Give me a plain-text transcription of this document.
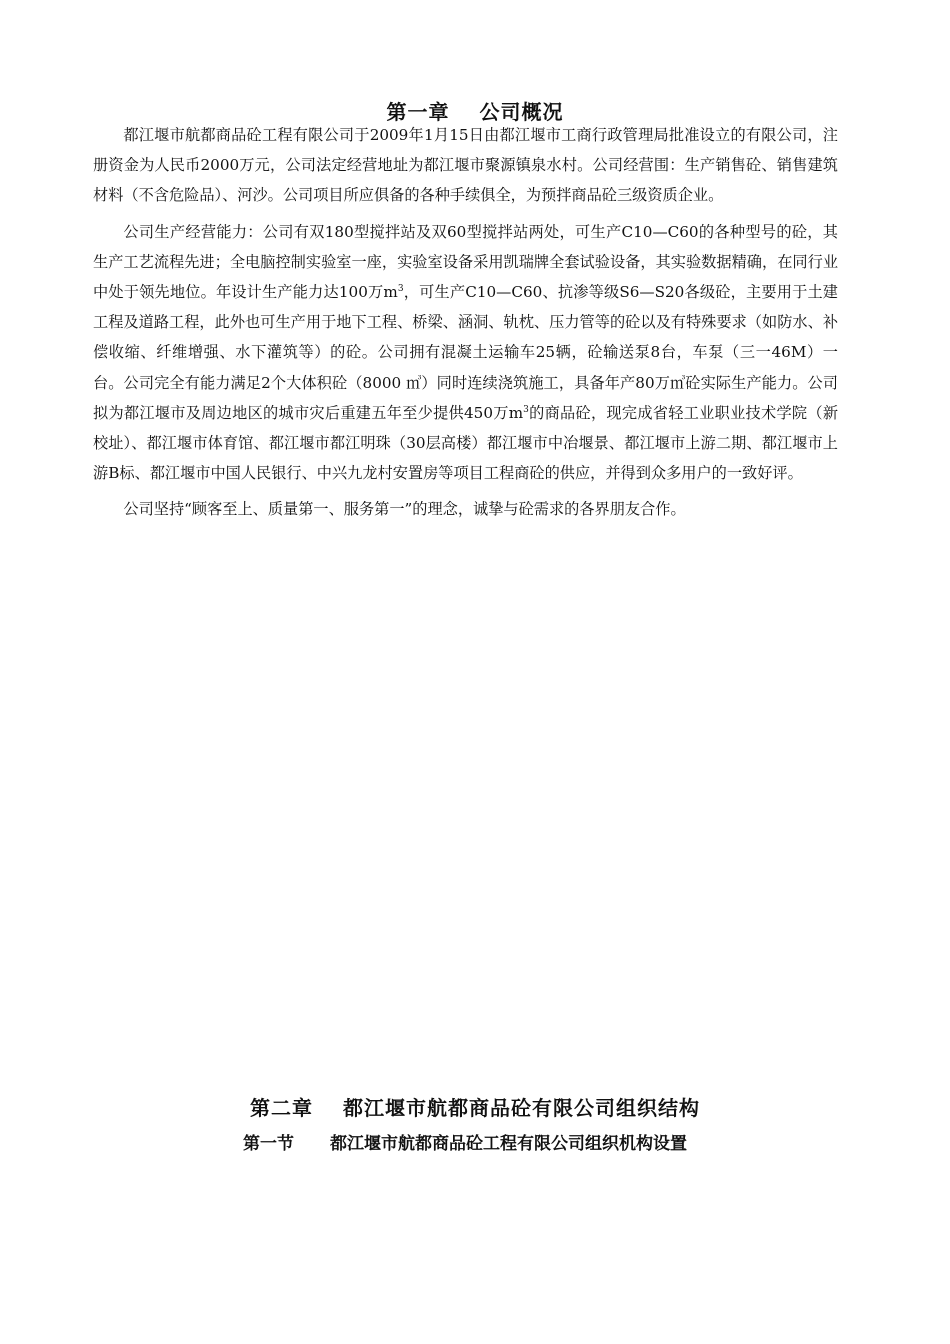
第一章 公司概况

都江堰市航都商品砼工程有限公司于2009年1月15日由都江堰市工商行政管理局批准设立的有限公司，注册资金为人民币2000万元，公司法定经营地址为都江堰市聚源镇泉水村。公司经营围：生产销售砼、销售建筑材料（不含危险品）、河沙。公司项目所应俱备的各种手续俱全，为预拌商品砼三级资质企业。

公司生产经营能力：公司有双180型搅拌站及双60型搅拌站两处，可生产C10—C60的各种型号的砼，其生产工艺流程先进；全电脑控制实验室一座，实验室设备采用凯瑞牌全套试验设备，其实验数据精确，在同行业中处于领先地位。年设计生产能力达100万$m^3$，可生产C10—C60、抗渗等级S6—S20各级砼，主要用于土建工程及道路工程，此外也可生产用于地下工程、桥梁、涵洞、轨枕、压力管等的砼以及有特殊要求（如防水、补偿收缩、纤维增强、水下灌筑等）的砼。公司拥有混凝土运输车25辆，砼输送泵8台，车泵（三一46M）一台。公司完全有能力满足2个大体积砼（8000 ㎥）同时连续浇筑施工，具备年产80万㎥砼实际生产能力。公司拟为都江堰市及周边地区的城市灾后重建五年至少提供450万$m^3$的商品砼，现完成省轻工业职业技术学院（新校址）、都江堰市体育馆、都江堰市都江明珠（30层高楼）都江堰市中冶堰景、都江堰市上游二期、都江堰市上游B标、都江堰市中国人民银行、中兴九龙村安置房等项目工程商砼的供应，并得到众多用户的一致好评。

公司坚持“顾客至上、质量第一、服务第一”的理念，诚挚与砼需求的各界朋友合作。

第二章 都江堰市航都商品砼有限公司组织结构
第一节 都江堰市航都商品砼工程有限公司组织机构设置
